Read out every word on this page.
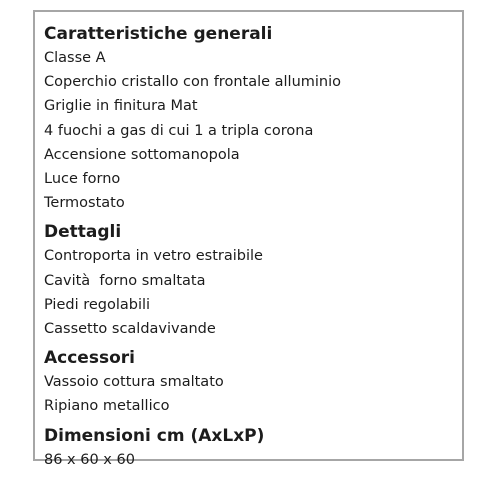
Caratteristiche generali
Classe A
Coperchio cristallo con frontale alluminio
Griglie in finitura Mat
4 fuochi a gas di cui 1 a tripla corona
Accensione sottomanopola
Luce forno
Termostato
Dettagli
Controporta in vetro estraibile
Cavità  forno smaltata
Piedi regolabili
Cassetto scaldavivande
Accessori
Vassoio cottura smaltato
Ripiano metallico
Dimensioni cm (AxLxP)
86 x 60 x 60
